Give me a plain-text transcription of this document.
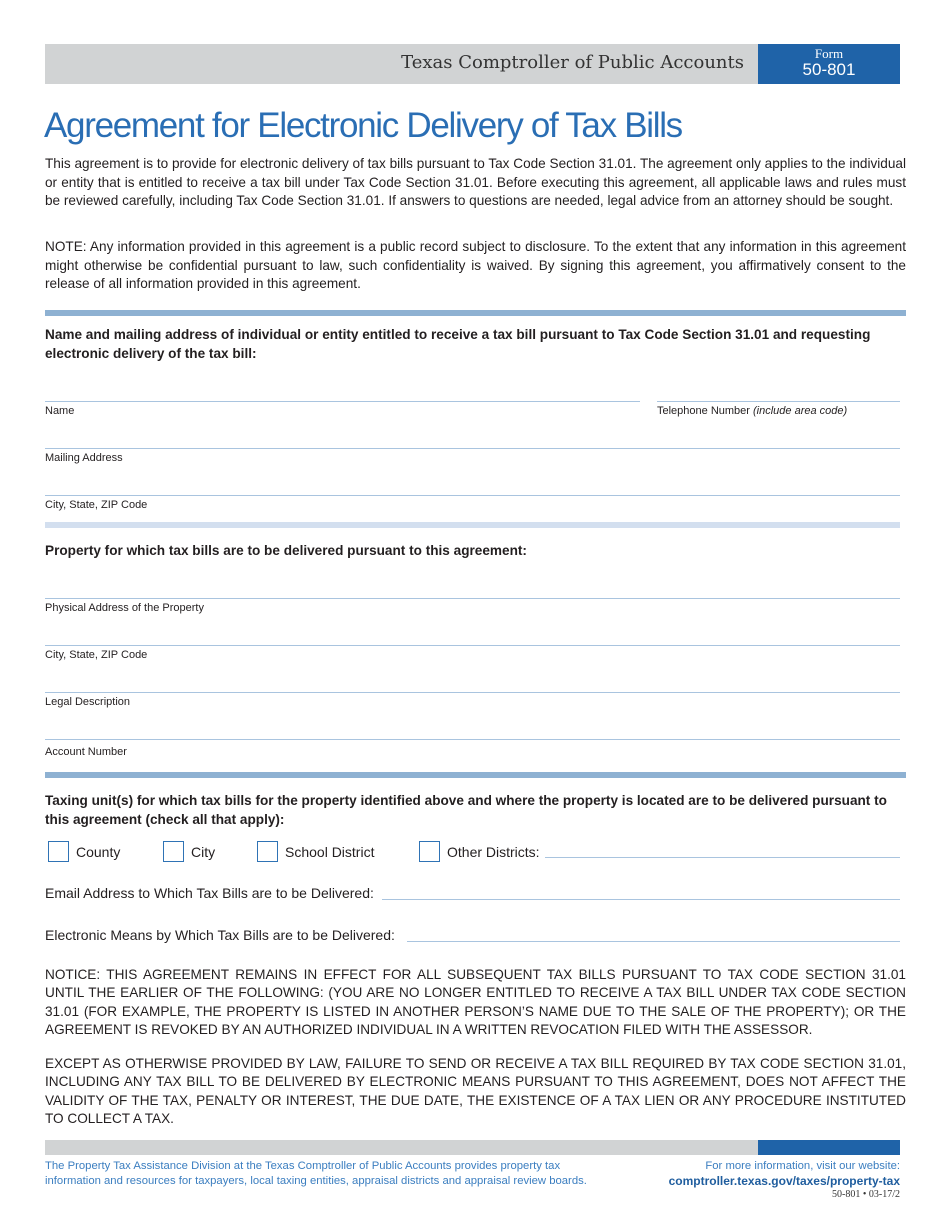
Texas Comptroller of Public Accounts	Form
50-801
Agreement for Electronic Delivery of Tax Bills
This agreement is to provide for electronic delivery of tax bills pursuant to Tax Code Section 31.01. The agreement only applies to the individual or entity that is entitled to receive a tax bill under Tax Code Section 31.01. Before executing this agreement, all applicable laws and rules must be reviewed carefully, including Tax Code Section 31.01. If answers to questions are needed, legal advice from an attorney should be sought.
NOTE: Any information provided in this agreement is a public record subject to disclosure. To the extent that any information in this agreement might otherwise be confidential pursuant to law, such confidentiality is waived. By signing this agreement, you affirmatively consent to the release of all information provided in this agreement.
Name and mailing address of individual or entity entitled to receive a tax bill pursuant to Tax Code Section 31.01 and requesting electronic delivery of the tax bill:
Name	Telephone Number (include area code)
Mailing Address
City, State, ZIP Code
Property for which tax bills are to be delivered pursuant to this agreement:
Physical Address of the Property
City, State, ZIP Code
Legal Description
Account Number
Taxing unit(s) for which tax bills for the property identified above and where the property is located are to be delivered pursuant to this agreement (check all that apply):
County	City	School District	Other Districts:
Email Address to Which Tax Bills are to be Delivered:
Electronic Means by Which Tax Bills are to be Delivered:
NOTICE: THIS AGREEMENT REMAINS IN EFFECT FOR ALL SUBSEQUENT TAX BILLS PURSUANT TO TAX CODE SECTION 31.01 UNTIL THE EARLIER OF THE FOLLOWING: (YOU ARE NO LONGER ENTITLED TO RECEIVE A TAX BILL UNDER TAX CODE SECTION 31.01 (FOR EXAMPLE, THE PROPERTY IS LISTED IN ANOTHER PERSON’S NAME DUE TO THE SALE OF THE PROPERTY); OR THE AGREEMENT IS REVOKED BY AN AUTHORIZED INDIVIDUAL IN A WRITTEN REVOCATION FILED WITH THE ASSESSOR.
EXCEPT AS OTHERWISE PROVIDED BY LAW, FAILURE TO SEND OR RECEIVE A TAX BILL REQUIRED BY TAX CODE SECTION 31.01, INCLUDING ANY TAX BILL TO BE DELIVERED BY ELECTRONIC MEANS PURSUANT TO THIS AGREEMENT, DOES NOT AFFECT THE VALIDITY OF THE TAX, PENALTY OR INTEREST, THE DUE DATE, THE EXISTENCE OF A TAX LIEN OR ANY PROCEDURE INSTITUTED TO COLLECT A TAX.
The Property Tax Assistance Division at the Texas Comptroller of Public Accounts provides property tax information and resources for taxpayers, local taxing entities, appraisal districts and appraisal review boards.
For more information, visit our website:
comptroller.texas.gov/taxes/property-tax
50-801 • 03-17/2
